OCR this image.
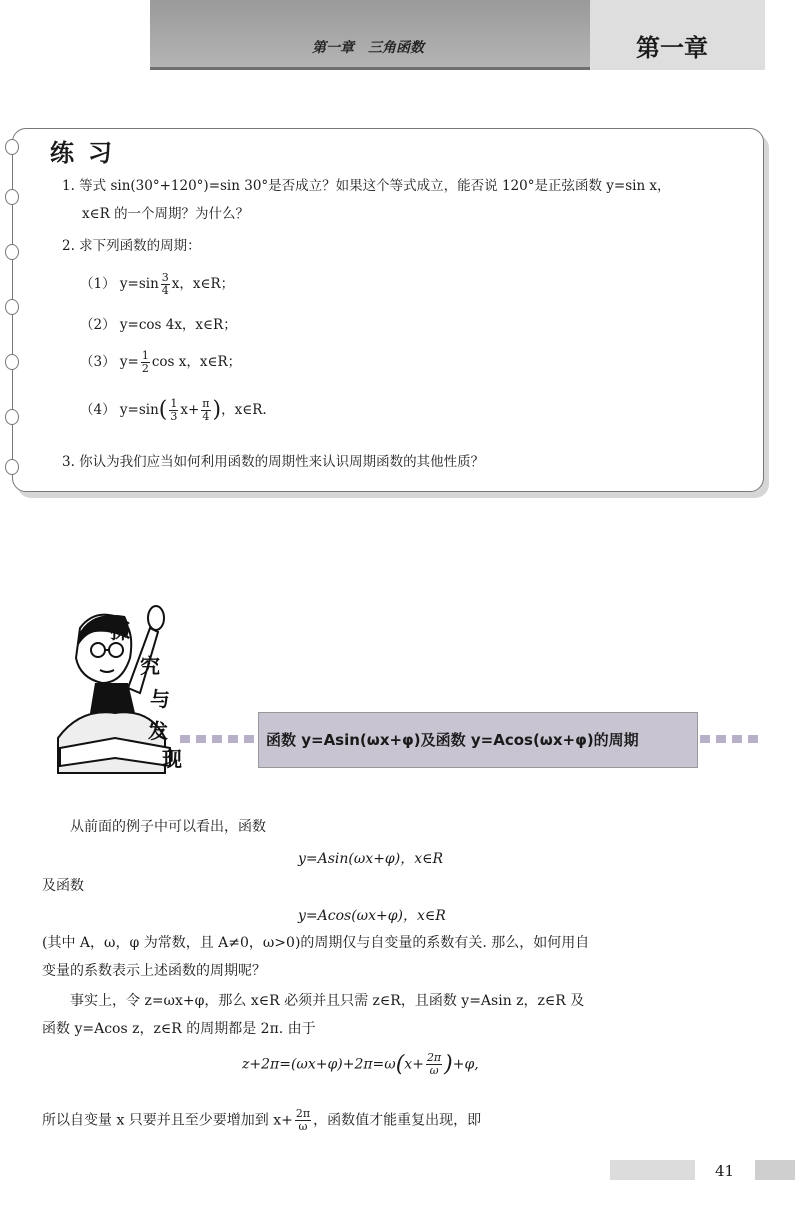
第一章　三角函数	第一章
练习
1. 等式 sin(30°+120°)=sin 30°是否成立？如果这个等式成立，能否说 120°是正弦函数 y=sin x，
x∈R 的一个周期？为什么？
2. 求下列函数的周期：
（1） $y=\sin \frac{3}{4}$ x，x∈R；
（2） y=cos 4x，x∈R；
（3） $y= \frac{1}{2}$ cos x，x∈R；
（4） $y=\sin( \frac{1}{3} x+ \frac{\pi}{4}$ )，x∈R.
3. 你认为我们应当如何利用函数的周期性来认识周期函数的其他性质？
探
究
与
发
现
函数 y=Asin(ωx+φ)及函数 y=Acos(ωx+φ)的周期
从前面的例子中可以看出，函数
y=Asin(ωx+φ)，x∈R
及函数
y=Acos(ωx+φ)，x∈R
(其中 A，ω，φ 为常数，且 A≠0，ω>0)的周期仅与自变量的系数有关. 那么，如何用自
变量的系数表示上述函数的周期呢？
事实上，令 z=ωx+φ，那么 x∈R 必须并且只需 z∈R，且函数 y=Asin z，z∈R 及
函数 y=Acos z，z∈R 的周期都是 2π. 由于
$z+2\pi=(\omega x+\varphi)+2\pi=\omega(x+ \frac{2\pi}{\omega} )+\varphi$,
所以自变量 x 只要并且至少要增加到 $x+ \frac{2\pi}{\omega}$ ，函数值才能重复出现，即
41
